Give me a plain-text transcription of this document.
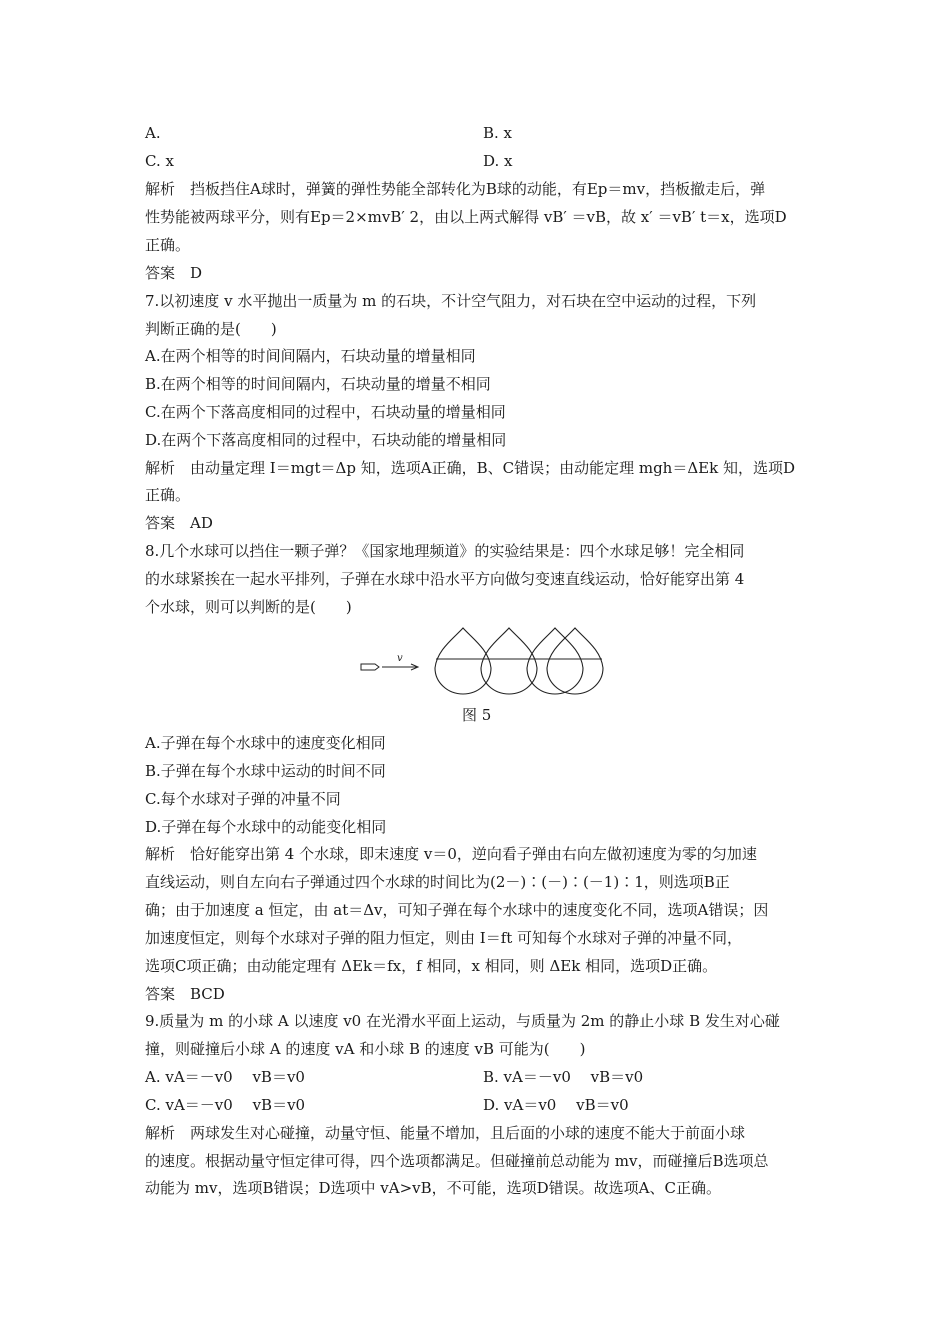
A.	B. x
C. x	D. x
解析　挡板挡住A球时，弹簧的弹性势能全部转化为B球的动能，有Ep＝mv，挡板撤走后，弹
性势能被两球平分，则有Ep＝2×mvB′ 2，由以上两式解得 vB′ ＝vB，故 x′ ＝vB′ t＝x，选项D
正确。
答案　D
7.以初速度 v 水平抛出一质量为 m 的石块，不计空气阻力，对石块在空中运动的过程，下列
判断正确的是(　　)
A.在两个相等的时间间隔内，石块动量的增量相同
B.在两个相等的时间间隔内，石块动量的增量不相同
C.在两个下落高度相同的过程中，石块动量的增量相同
D.在两个下落高度相同的过程中，石块动能的增量相同
解析　由动量定理 I＝mgt＝Δp 知，选项A正确，B、C错误；由动能定理 mgh＝ΔEk 知，选项D
正确。
答案　AD
8.几个水球可以挡住一颗子弹？《国家地理频道》的实验结果是：四个水球足够！完全相同
的水球紧挨在一起水平排列，子弹在水球中沿水平方向做匀变速直线运动，恰好能穿出第 4
个水球，则可以判断的是(　　)
v
图 5
A.子弹在每个水球中的速度变化相同
B.子弹在每个水球中运动的时间不同
C.每个水球对子弹的冲量不同
D.子弹在每个水球中的动能变化相同
解析　恰好能穿出第 4 个水球，即末速度 v＝0，逆向看子弹由右向左做初速度为零的匀加速
直线运动，则自左向右子弹通过四个水球的时间比为(2－)∶(－)∶(－1)∶1，则选项B正
确；由于加速度 a 恒定，由 at＝Δv，可知子弹在每个水球中的速度变化不同，选项A错误；因
加速度恒定，则每个水球对子弹的阻力恒定，则由 I＝ft 可知每个水球对子弹的冲量不同，
选项C项正确；由动能定理有 ΔEk＝fx，f 相同，x 相同，则 ΔEk 相同，选项D正确。
答案　BCD
9.质量为 m 的小球 A 以速度 v0 在光滑水平面上运动，与质量为 2m 的静止小球 B 发生对心碰
撞，则碰撞后小球 A 的速度 vA 和小球 B 的速度 vB 可能为(　　)
A. vA＝－v0　 vB＝v0	B. vA＝－v0　 vB＝v0
C. vA＝－v0　 vB＝v0	D. vA＝v0　 vB＝v0
解析　两球发生对心碰撞，动量守恒、能量不增加，且后面的小球的速度不能大于前面小球
的速度。根据动量守恒定律可得，四个选项都满足。但碰撞前总动能为 mv，而碰撞后B选项总
动能为 mv，选项B错误；D选项中 vA>vB，不可能，选项D错误。故选项A、C正确。
